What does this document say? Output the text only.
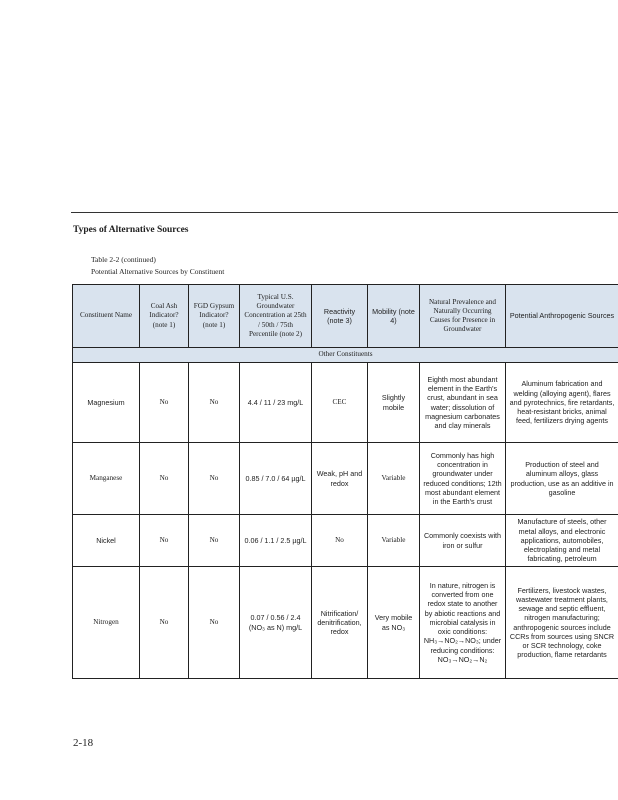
Types of Alternative Sources
Table 2-2 (continued)
Potential Alternative Sources by Constituent
Constituent Name	Coal Ash Indicator? (note 1)	FGD Gypsum Indicator? (note 1)	Typical U.S. Groundwater Concentration at 25th / 50th / 75th Percentile (note 2)	Reactivity (note 3)	Mobility (note 4)	Natural Prevalence and Naturally Occurring Causes for Presence in Groundwater	Potential Anthropogenic Sources
Other Constituents							
Magnesium	No	No	4.4 / 11 / 23 mg/L	CEC	Slightly mobile	Eighth most abundant element in the Earth's crust, abundant in sea water; dissolution of magnesium carbonates and clay minerals	Aluminum fabrication and welding (alloying agent), flares and pyrotechnics, fire retardants, heat-resistant bricks, animal feed, fertilizers drying agents
Manganese	No	No	0.85 / 7.0 / 64 µg/L	Weak, pH and redox	Variable	Commonly has high concentration in groundwater under reduced conditions; 12th most abundant element in the Earth's crust	Production of steel and aluminum alloys, glass production, use as an additive in gasoline
Nickel	No	No	0.06 / 1.1 / 2.5 µg/L	No	Variable	Commonly coexists with iron or sulfur	Manufacture of steels, other metal alloys, and electronic applications, automobiles, electroplating and metal fabricating, petroleum
Nitrogen	No	No	0.07 / 0.56 / 2.4 (NO₃ as N) mg/L	Nitrification/ denitrification, redox	Very mobile as NO₃	In nature, nitrogen is converted from one redox state to another by abiotic reactions and microbial catalysis in oxic conditions: NH₃→NO₂→NO₃; under reducing conditions: NO₃→NO₂→N₂	Fertilizers, livestock wastes, wastewater treatment plants, sewage and septic effluent, nitrogen manufacturing; anthropogenic sources include CCRs from sources using SNCR or SCR technology, coke production, flame retardants
2-18
